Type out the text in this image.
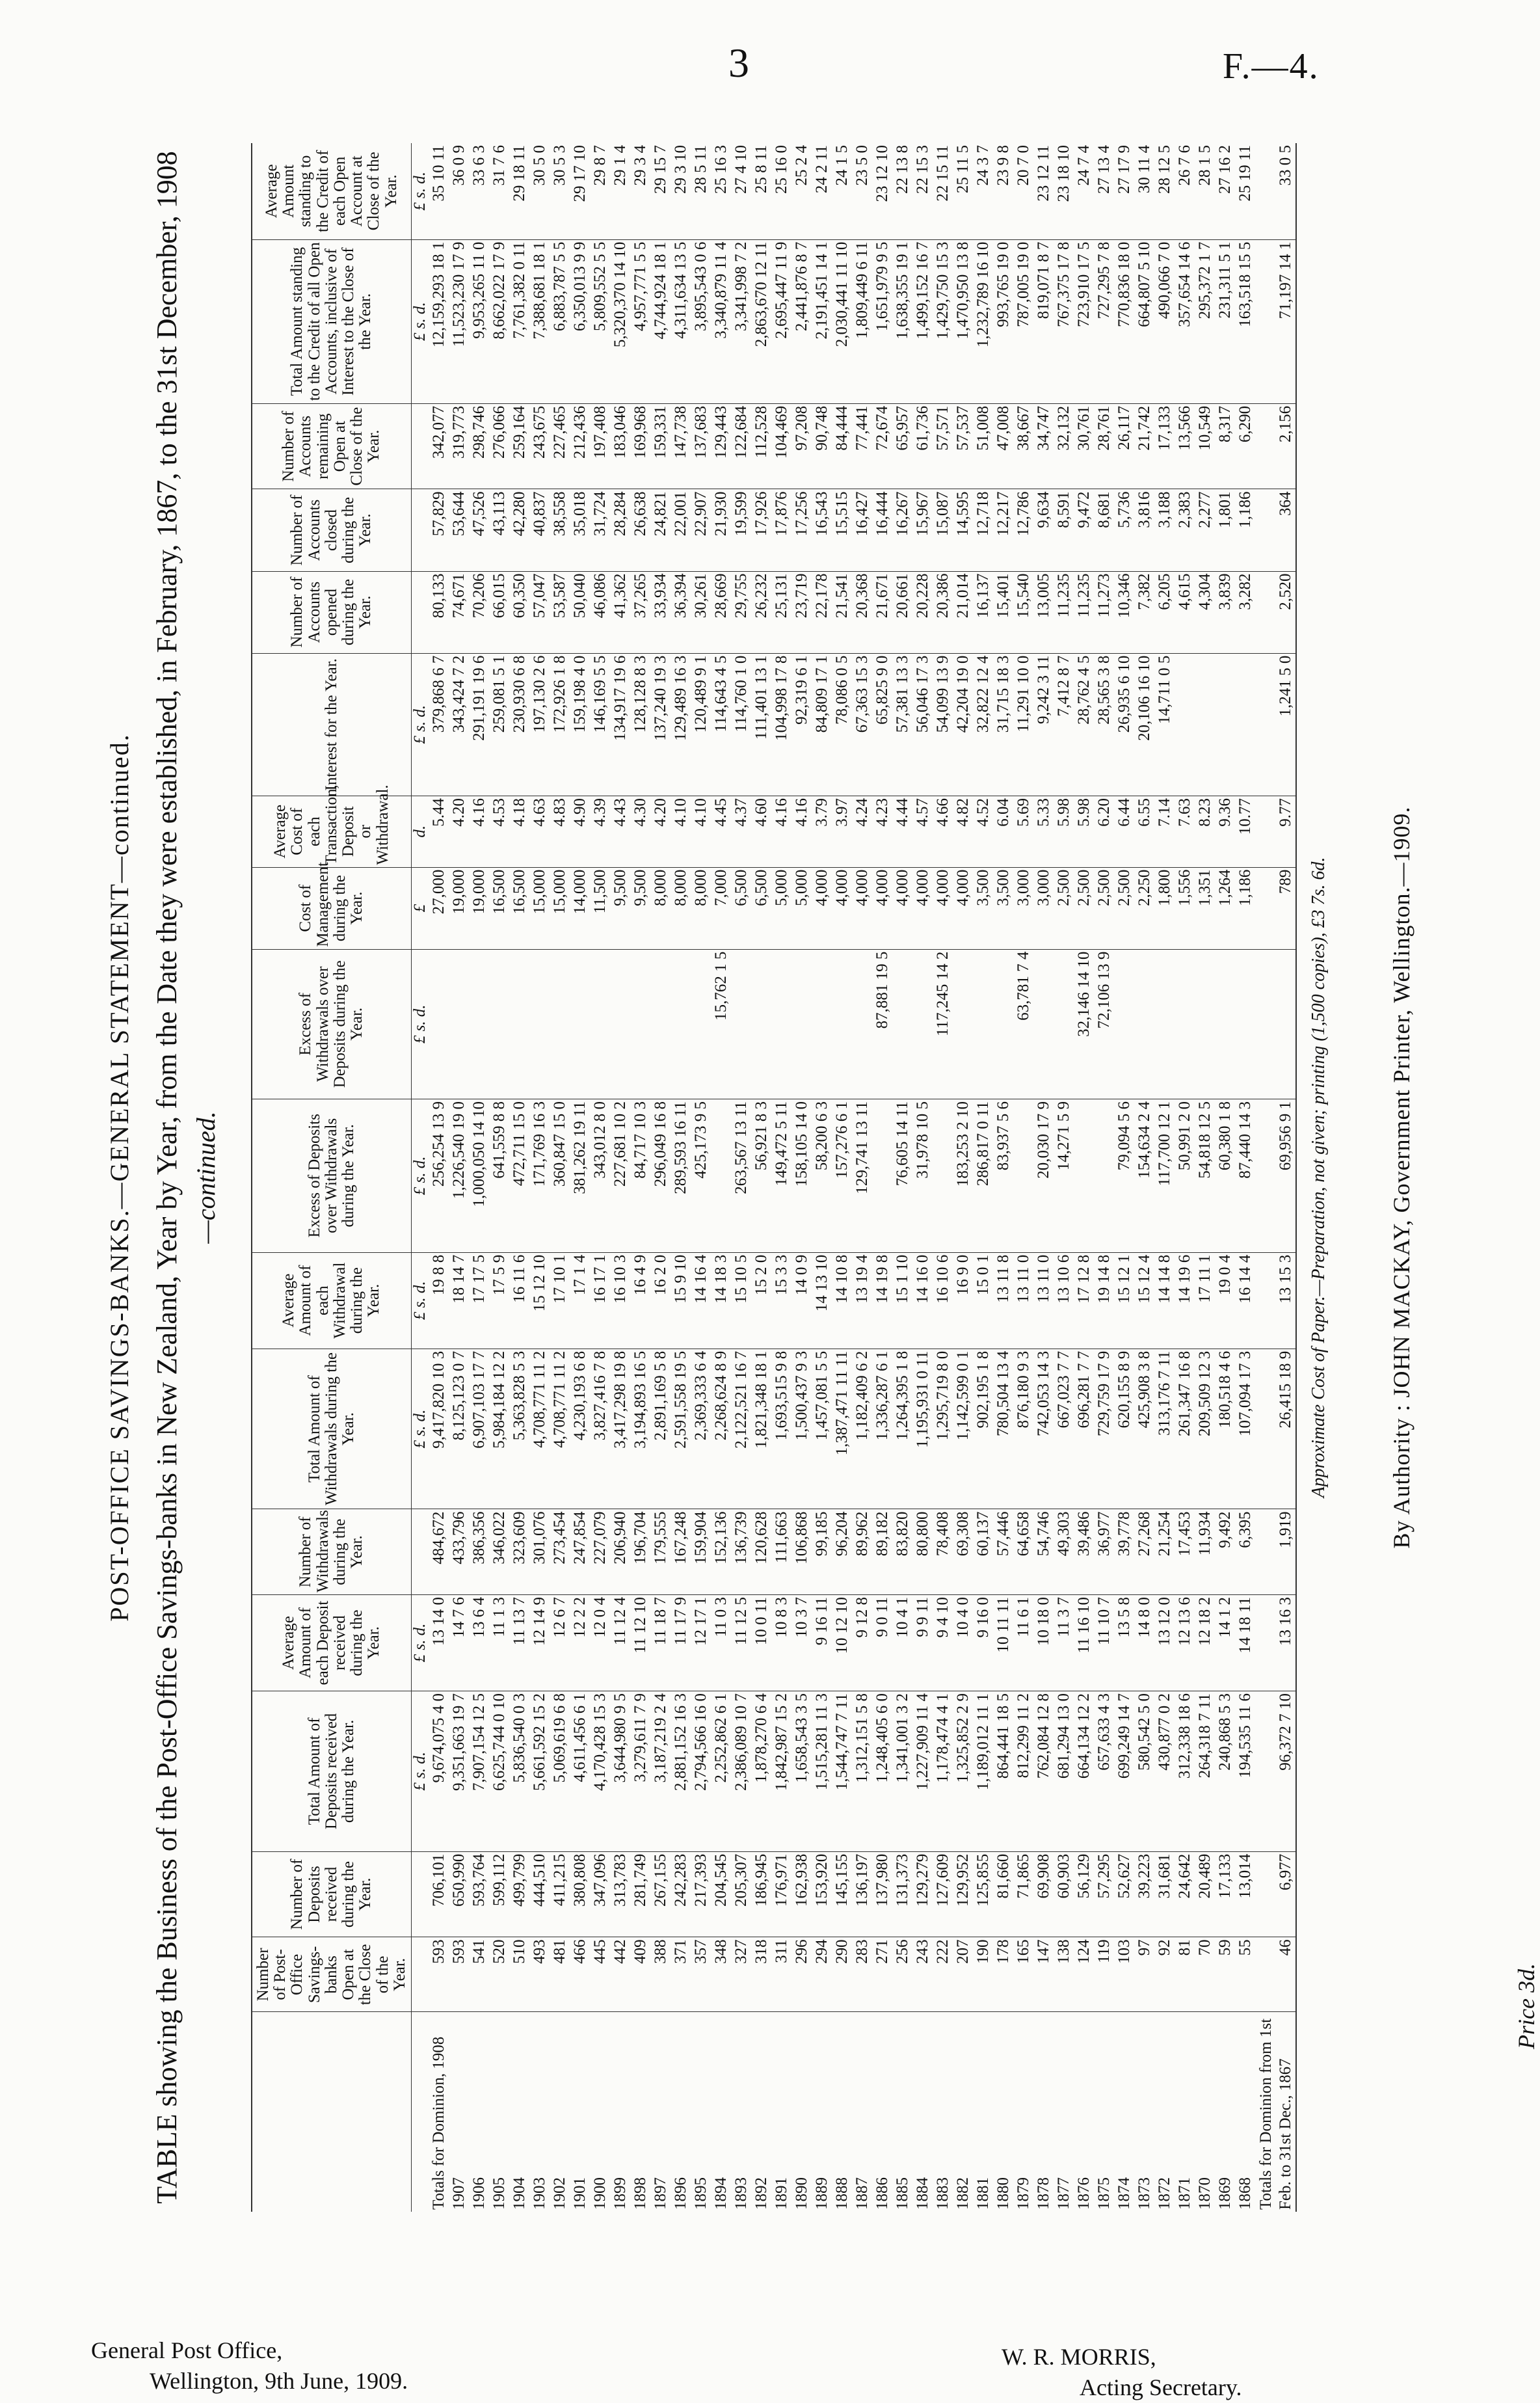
3	F.—4.
POST-OFFICE SAVINGS-BANKS.—GENERAL STATEMENT—continued. TABLE showing the Business of the Post-Office Savings-banks in New Zealand, Year by Year, from the Date they were established, in February, 1867, to the 31st December, 1908 —continued.
	Number of Post-Office Savings-banks Open at the Close of the Year.	Number of Deposits received during the Year.	Total Amount of Deposits received during the Year.	Average Amount of each Deposit received during the Year.	Number of Withdrawals during the Year.	Total Amount of Withdrawals during the Year.	Average Amount of each Withdrawal during the Year.	Excess of Deposits over Withdrawals during the Year.	Excess of Withdrawals over Deposits during the Year.	Cost of Management during the Year.	Average Cost of each Transaction, Deposit or Withdrawal.	Interest for the Year.	Number of Accounts opened during the Year.	Number of Accounts closed during the Year.	Number of Accounts remaining Open at Close of the Year.	Total Amount standing to the Credit of all Open Accounts, inclusive of Interest to the Close of the Year.	Average Amount standing to the Credit of each Open Account at Close of the Year.
			£ s. d.	£ s. d.		£ s. d.	£ s. d.	£ s. d.	£ s. d.	£	d.	£ s. d.				£ s. d.	£ s. d.
Totals for Dominion, 1908	593	706,101	9,674,075 4 0	13 14 0	484,672	9,417,820 10 3	19 8 8	256,254 13 9		27,000	5.44	379,868 6 7	80,133	57,829	342,077	12,159,293 18 1	35 10 11
1907	593	650,990	9,351,663 19 7	14 7 6	433,796	8,125,123 0 7	18 14 7	1,226,540 19 0		19,000	4.20	343,424 7 2	74,671	53,644	319,773	11,523,230 17 9	36 0 9
1906	541	593,764	7,907,154 12 5	13 6 4	386,356	6,907,103 17 7	17 17 5	1,000,050 14 10		19,000	4.16	291,191 19 6	70,206	47,526	298,746	9,953,265 11 0	33 6 3
1905	520	599,112	6,625,744 0 10	11 1 3	346,022	5,984,184 12 2	17 5 9	641,559 8 8		16,500	4.53	259,081 5 1	66,015	43,113	276,066	8,662,022 17 9	31 7 6
1904	510	499,799	5,836,540 0 3	11 13 7	323,609	5,363,828 5 3	16 11 6	472,711 15 0		16,500	4.18	230,930 6 8	60,350	42,280	259,164	7,761,382 0 11	29 18 11
1903	493	444,510	5,661,592 15 2	12 14 9	301,076	4,708,771 11 2	15 12 10	171,769 16 3		15,000	4.63	197,130 2 6	57,047	40,837	243,675	7,388,681 18 1	30 5 0
1902	481	411,215	5,069,619 6 8	12 6 7	273,454	4,708,771 11 2	17 10 1	360,847 15 0		15,000	4.83	172,926 1 8	53,587	38,558	227,465	6,883,787 5 5	30 5 3
1901	466	380,808	4,611,456 6 1	12 2 2	247,854	4,230,193 6 8	17 1 4	381,262 19 11		14,000	4.90	159,198 4 0	50,040	35,018	212,436	6,350,013 9 9	29 17 10
1900	445	347,096	4,170,428 15 3	12 0 4	227,079	3,827,416 7 8	16 17 1	343,012 8 0		11,500	4.39	146,169 5 5	46,086	31,724	197,408	5,809,552 5 5	29 8 7
1899	442	313,783	3,644,980 9 5	11 12 4	206,940	3,417,298 19 8	16 10 3	227,681 10 2		9,500	4.43	134,917 19 6	41,362	28,284	183,046	5,320,370 14 10	29 1 4
1898	409	281,749	3,279,611 7 9	11 12 10	196,704	3,194,893 16 5	16 4 9	84,717 10 3		9,500	4.30	128,128 8 3	37,265	26,638	169,968	4,957,771 5 5	29 3 4
1897	388	267,155	3,187,219 2 4	11 18 7	179,555	2,891,169 5 8	16 2 0	296,049 16 8		8,000	4.20	137,240 19 3	33,934	24,821	159,331	4,744,924 18 1	29 15 7
1896	371	242,283	2,881,152 16 3	11 17 9	167,248	2,591,558 19 5	15 9 10	289,593 16 11		8,000	4.10	129,489 16 3	36,394	22,001	147,738	4,311,634 13 5	29 3 10
1895	357	217,393	2,794,566 16 0	12 17 1	159,904	2,369,333 6 4	14 16 4	425,173 9 5		8,000	4.10	120,489 9 1	30,261	22,907	137,683	3,895,543 0 6	28 5 11
1894	348	204,545	2,252,862 6 1	11 0 3	152,136	2,268,624 8 9	14 18 3		15,762 1 5	7,000	4.45	114,643 4 5	28,669	21,930	129,443	3,340,879 11 4	25 16 3
1893	327	205,307	2,386,089 10 7	11 12 5	136,739	2,122,521 16 7	15 10 5	263,567 13 11		6,500	4.37	114,760 1 0	29,755	19,599	122,684	3,341,998 7 2	27 4 10
1892	318	186,945	1,878,270 6 4	10 0 11	120,628	1,821,348 18 1	15 2 0	56,921 8 3		6,500	4.60	111,401 13 1	26,232	17,926	112,528	2,863,670 12 11	25 8 11
1891	311	176,971	1,842,987 15 2	10 8 3	111,663	1,693,515 9 8	15 3 3	149,472 5 11		5,000	4.16	104,998 17 8	25,131	17,876	104,469	2,695,447 11 9	25 16 0
1890	296	162,938	1,658,543 3 5	10 3 7	106,868	1,500,437 9 3	14 0 9	158,105 14 0		5,000	4.16	92,319 6 1	23,719	17,256	97,208	2,441,876 8 7	25 2 4
1889	294	153,920	1,515,281 11 3	9 16 11	99,185	1,457,081 5 5	14 13 10	58,200 6 3		4,000	3.79	84,809 17 1	22,178	16,543	90,748	2,191,451 14 1	24 2 11
1888	290	145,155	1,544,747 7 11	10 12 10	96,204	1,387,471 11 11	14 10 8	157,276 6 1		4,000	3.97	78,086 0 5	21,541	15,515	84,444	2,030,441 11 10	24 1 5
1887	283	136,197	1,312,151 5 8	9 12 8	89,962	1,182,409 6 2	13 19 4	129,741 13 11		4,000	4.24	67,363 15 3	20,368	16,427	77,441	1,809,449 6 11	23 5 0
1886	271	137,980	1,248,405 6 0	9 0 11	89,182	1,336,287 6 1	14 19 8		87,881 19 5	4,000	4.23	65,825 9 0	21,671	16,444	72,674	1,651,979 9 5	23 12 10
1885	256	131,373	1,341,001 3 2	10 4 1	83,820	1,264,395 1 8	15 1 10	76,605 14 11		4,000	4.44	57,381 13 3	20,661	16,267	65,957	1,638,355 19 1	22 13 8
1884	243	129,279	1,227,909 11 4	9 9 11	80,800	1,195,931 0 11	14 16 0	31,978 10 5		4,000	4.57	56,046 17 3	20,228	15,967	61,736	1,499,152 16 7	22 15 3
1883	222	127,609	1,178,474 4 1	9 4 10	78,408	1,295,719 8 0	16 10 6		117,245 14 2	4,000	4.66	54,099 13 9	20,386	15,087	57,571	1,429,750 15 3	22 15 11
1882	207	129,952	1,325,852 2 9	10 4 0	69,308	1,142,599 0 1	16 9 0	183,253 2 10		4,000	4.82	42,204 19 0	21,014	14,595	57,537	1,470,950 13 8	25 11 5
1881	190	125,855	1,189,012 11 1	9 16 0	60,137	902,195 1 8	15 0 1	286,817 0 11		3,500	4.52	32,822 12 4	16,137	12,718	51,008	1,232,789 16 10	24 3 7
1880	178	81,660	864,441 18 5	10 11 11	57,446	780,504 13 4	13 11 8	83,937 5 6		3,500	6.04	31,715 18 3	15,401	12,217	47,008	993,765 19 0	23 9 8
1879	165	71,865	812,299 11 2	11 6 1	64,658	876,180 9 3	13 11 0		63,781 7 4	3,000	5.69	11,291 10 0	15,540	12,786	38,667	787,005 19 0	20 7 0
1878	147	69,908	762,084 12 8	10 18 0	54,746	742,053 14 3	13 11 0	20,030 17 9		3,000	5.33	9,242 3 11	13,005	9,634	34,747	819,071 8 7	23 12 11
1877	138	60,903	681,294 13 0	11 3 7	49,303	667,023 7 7	13 10 6	14,271 5 9		2,500	5.98	7,412 8 7	11,235	8,591	32,132	767,375 17 8	23 18 10
1876	124	56,129	664,134 12 2	11 16 10	39,486	696,281 7 7	17 12 8		32,146 14 10	2,500	5.98	28,762 4 5	11,235	9,472	30,761	723,910 17 5	24 7 4
1875	119	57,295	657,633 4 3	11 10 7	36,977	729,759 17 9	19 14 8		72,106 13 9	2,500	6.20	28,565 3 8	11,273	8,681	28,761	727,295 7 8	27 13 4
1874	103	52,627	699,249 14 7	13 5 8	39,778	620,155 8 9	15 12 1	79,094 5 6		2,500	6.44	26,935 6 10	10,346	5,736	26,117	770,836 18 0	27 17 9
1873	97	39,223	580,542 5 0	14 8 0	27,268	425,908 3 8	15 12 4	154,634 2 4		2,250	6.55	20,106 16 10	7,382	3,816	21,742	664,807 5 10	30 11 4
1872	92	31,681	430,877 0 2	13 12 0	21,254	313,176 7 11	14 14 8	117,700 12 1		1,800	7.14	14,711 0 5	6,205	3,188	17,133	490,066 7 0	28 12 5
1871	81	24,642	312,338 18 6	12 13 6	17,453	261,347 16 8	14 19 6	50,991 2 0		1,556	7.63		4,615	2,383	13,566	357,654 14 6	26 7 6
1870	70	20,489	264,318 7 11	12 18 2	11,934	209,509 12 3	17 11 1	54,818 12 5		1,351	8.23		4,304	2,277	10,549	295,372 1 7	28 1 5
1869	59	17,133	240,868 5 3	14 1 2	9,492	180,518 4 6	19 0 4	60,380 1 8		1,264	9.36		3,839	1,801	8,317	231,311 5 1	27 16 2
1868	55	13,014	194,535 11 6	14 18 11	6,395	107,094 17 3	16 14 4	87,440 14 3		1,186	10.77		3,282	1,186	6,290	163,518 15 5	25 19 11
Totals for Dominion from 1st Feb. to 31st Dec., 1867	46	6,977	96,372 7 10	13 16 3	1,919	26,415 18 9	13 15 3	69,956 9 1		789	9.77	1,241 5 0	2,520	364	2,156	71,197 14 1	33 0 5
Approximate Cost of Paper.—Preparation, not given; printing (1,500 copies), £3 7s. 6d.	By Authority : JOHN MACKAY, Government Printer, Wellington.—1909.
Price 3d.
General Post Office,
Wellington, 9th June, 1909.
W. R. MORRIS,
Acting Secretary.
